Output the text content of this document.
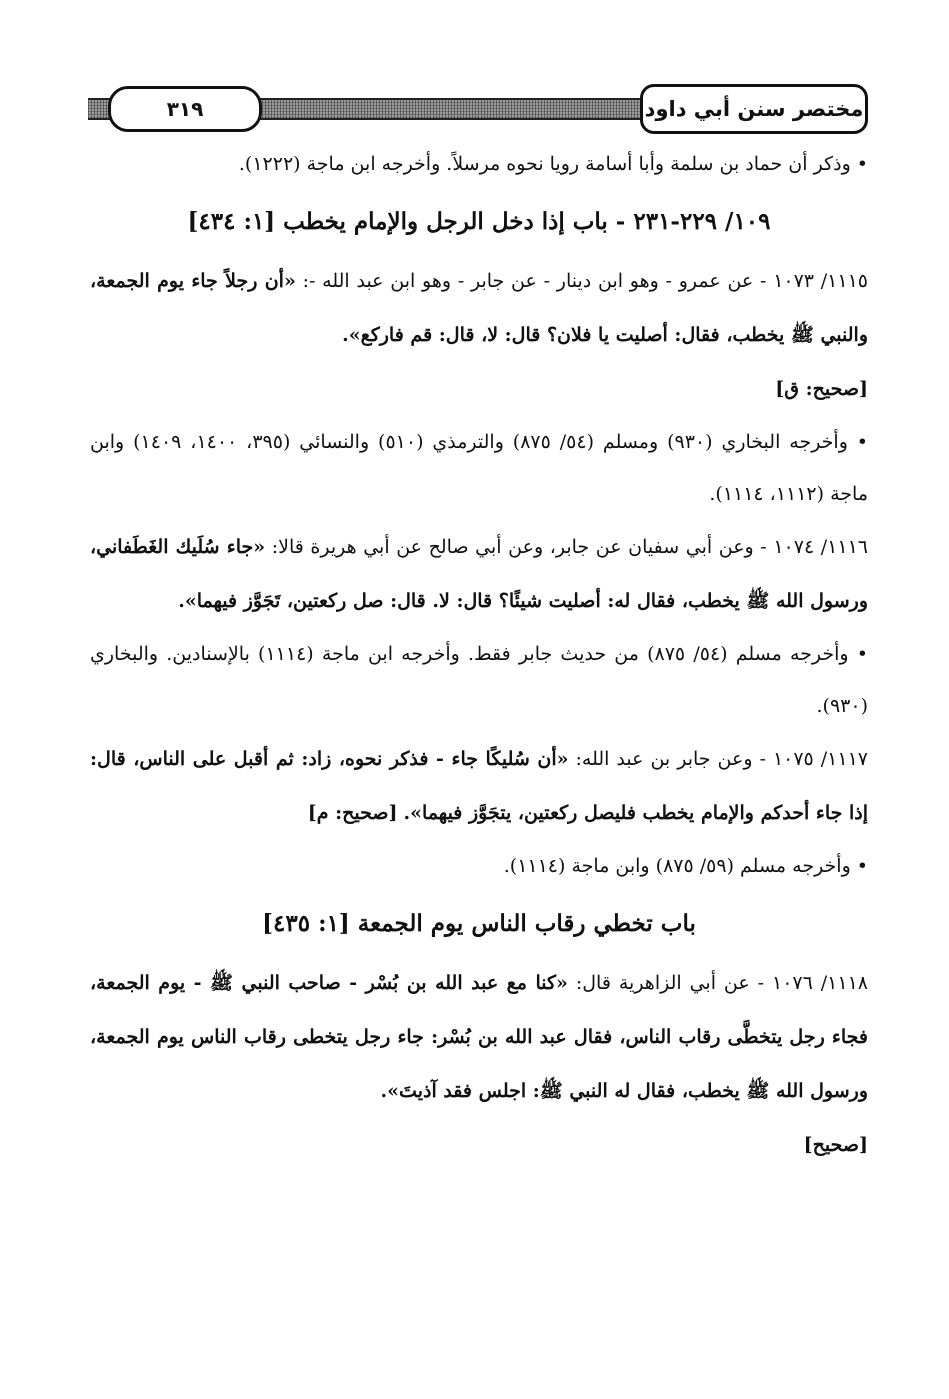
٣١٩	مختصر سنن أبي داود

• وذكر أن حماد بن سلمة وأبا أسامة رويا نحوه مرسلاً. وأخرجه ابن ماجة (١٢٢٢).

١٠٩/ ٢٢٩-٢٣١ - باب إذا دخل الرجل والإمام يخطب [١: ٤٣٤]

١١١٥/ ١٠٧٣ - عن عمرو - وهو ابن دينار - عن جابر - وهو ابن عبد الله -: «أن رجلاً جاء يوم الجمعة، والنبي ﷺ يخطب، فقال: أصليت يا فلان؟ قال: لا، قال: قم فاركع».

[صحيح: ق]

• وأخرجه البخاري (٩٣٠) ومسلم (٥٤/ ٨٧٥) والترمذي (٥١٠) والنسائي (٣٩٥، ١٤٠٠، ١٤٠٩) وابن ماجة (١١١٢، ١١١٤).

١١١٦/ ١٠٧٤ - وعن أبي سفيان عن جابر، وعن أبي صالح عن أبي هريرة قالا: «جاء سُلَيك الغَطَفاني، ورسول الله ﷺ يخطب، فقال له: أصليت شيئًا؟ قال: لا. قال: صل ركعتين، تَجَوَّز فيهما».

• وأخرجه مسلم (٥٤/ ٨٧٥) من حديث جابر فقط. وأخرجه ابن ماجة (١١١٤) بالإسنادين. والبخاري (٩٣٠).

١١١٧/ ١٠٧٥ - وعن جابر بن عبد الله: «أن سُليكًا جاء - فذكر نحوه، زاد: ثم أقبل على الناس، قال: إذا جاء أحدكم والإمام يخطب فليصل ركعتين، يتجَوَّز فيهما». [صحيح: م]

• وأخرجه مسلم (٥٩/ ٨٧٥) وابن ماجة (١١١٤).

باب تخطي رقاب الناس يوم الجمعة [١: ٤٣٥]

١١١٨/ ١٠٧٦ - عن أبي الزاهرية قال: «كنا مع عبد الله بن بُسْر - صاحب النبي ﷺ - يوم الجمعة، فجاء رجل يتخطَّى رقاب الناس، فقال عبد الله بن بُسْر: جاء رجل يتخطى رقاب الناس يوم الجمعة، ورسول الله ﷺ يخطب، فقال له النبي ﷺ: اجلس فقد آذيتَ».

[صحيح]
